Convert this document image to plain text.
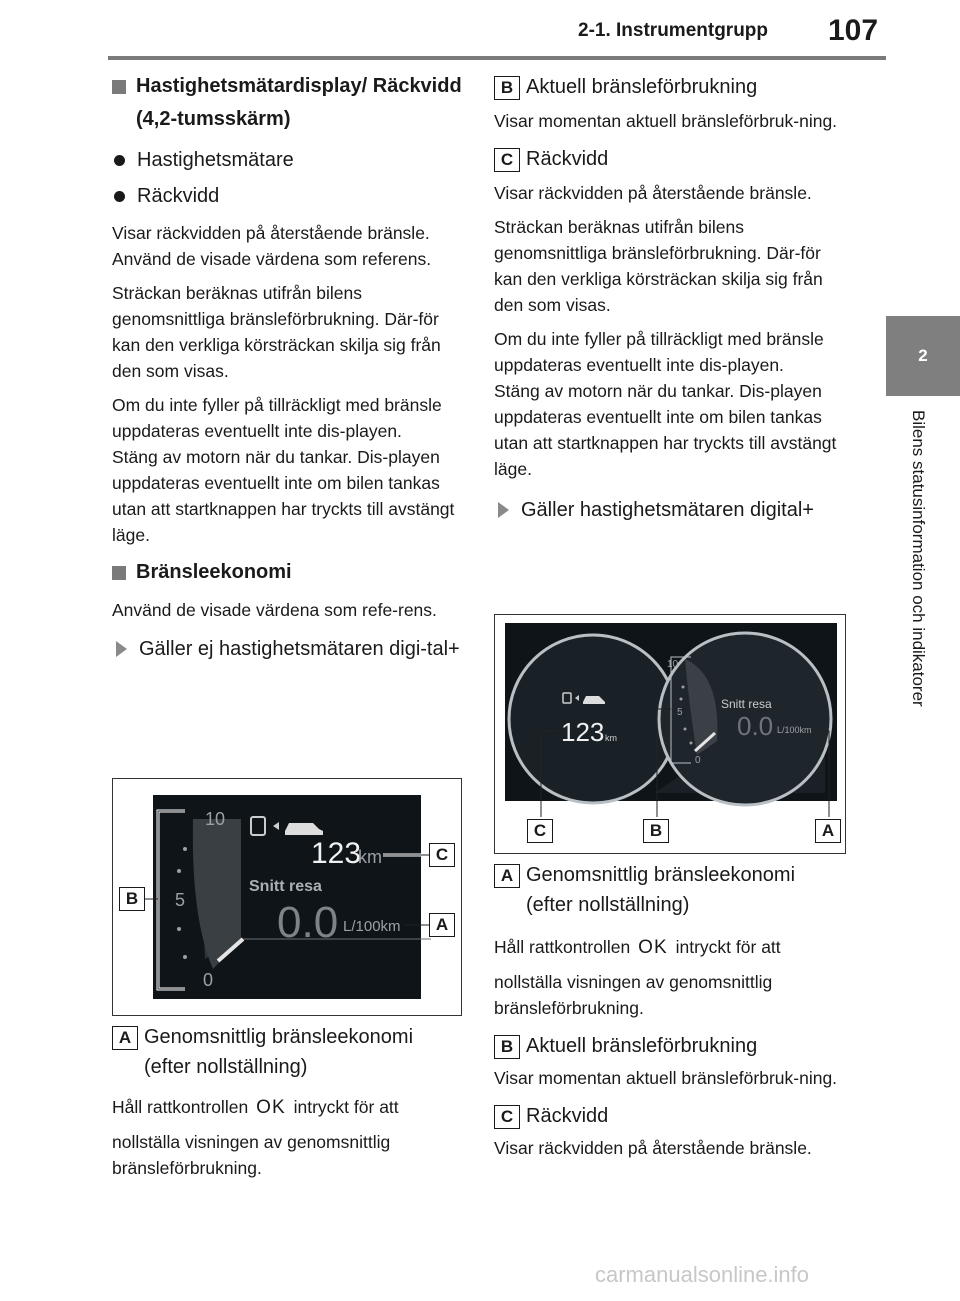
2-1. Instrumentgrupp 107
2
Bilens statusinformation och indikatorer
Hastighetsmätardisplay/ Räckvidd (4,2-tumsskärm)
Hastighetsmätare
Räckvidd

Visar räckvidden på återstående bränsle. Använd de visade värdena som referens.

Sträckan beräknas utifrån bilens genomsnittliga bränsleförbrukning. Där-för kan den verkliga körsträckan skilja sig från den som visas.

Om du inte fyller på tillräckligt med bränsle uppdateras eventuellt inte dis-playen.

Stäng av motorn när du tankar. Dis-playen uppdateras eventuellt inte om bilen tankas utan att startknappen har tryckts till avstängt läge.

Bränsleekonomi

Använd de visade värdena som refe-rens.

Gäller ej hastighetsmätaren digi-tal+
10
5
0
123
km
Snitt resa
0.0 L/100km
C
A
B
A Genomsnittlig bränsleekonomi (efter nollställning)

Håll rattkontrollen OK intryckt för att

nollställa visningen av genomsnittlig bränsleförbrukning.

B Aktuell bränsleförbrukning

Visar momentan aktuell bränsleförbruk-ning.

C Räckvidd

Visar räckvidden på återstående bränsle.

Sträckan beräknas utifrån bilens genomsnittliga bränsleförbrukning. Där-för kan den verkliga körsträckan skilja sig från den som visas.

Om du inte fyller på tillräckligt med bränsle uppdateras eventuellt inte dis-playen.

Stäng av motorn när du tankar. Dis-playen uppdateras eventuellt inte om bilen tankas utan att startknappen har tryckts till avstängt läge.

Gäller hastighetsmätaren digital+
10
5
0
Snitt resa
0.0 L/100km
123 km
C	B	A
A Genomsnittlig bränsleekonomi (efter nollställning)

Håll rattkontrollen OK intryckt för att

nollställa visningen av genomsnittlig bränsleförbrukning.

B Aktuell bränsleförbrukning

Visar momentan aktuell bränsleförbruk-ning.

C Räckvidd

Visar räckvidden på återstående bränsle.

carmanualsonline.info
